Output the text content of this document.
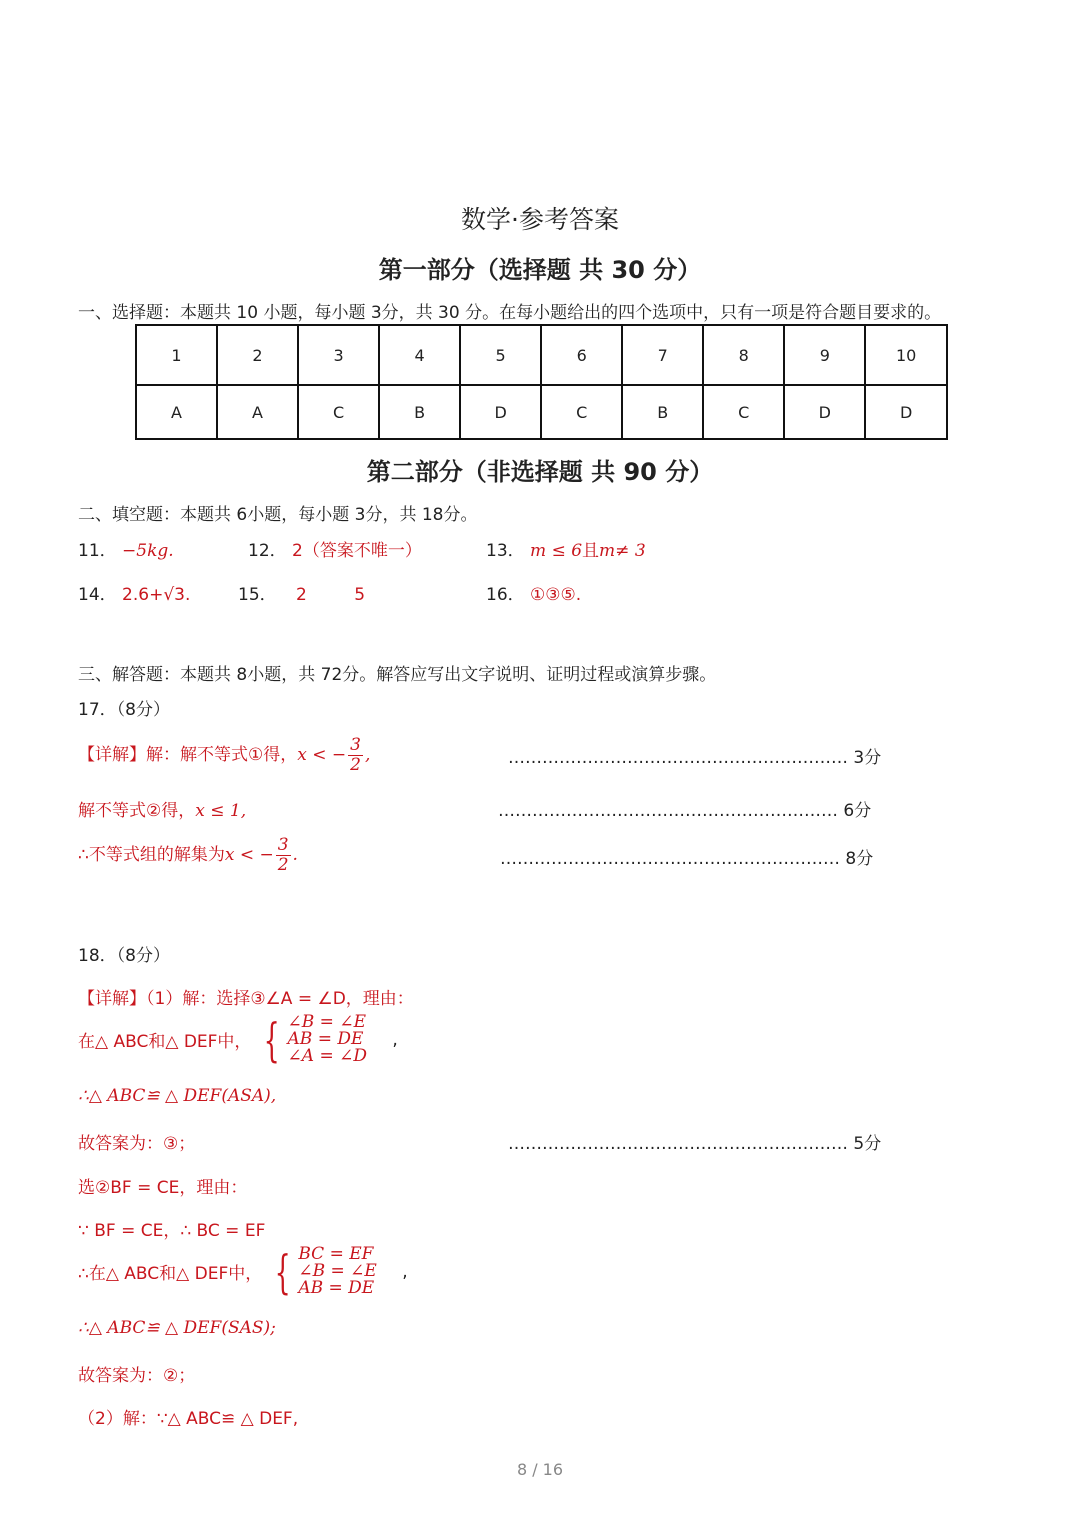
数学·参考答案
第一部分（选择题 共 30 分）
一、选择题：本题共 10 小题，每小题 3分，共 30 分。在每小题给出的四个选项中，只有一项是符合题目要求的。
1	2	3	4	5	6	7	8	9	10
A	A	C	B	D	C	B	C	D	D
第二部分（非选择题 共 90 分）
二、填空题：本题共 6小题，每小题 3分，共 18分。
11． −5kg.	12． 2（答案不唯一）	13． m ≤ 6且m≠ 3
14． 2.6+√3.	15． 2	5	16． ①③⑤.
三、解答题：本题共 8小题，共 72分。解答应写出文字说明、证明过程或演算步骤。
17．（8分）
【详解】解：解不等式①得，x < − $\frac{3}{2}$ ,	…………………………………………………… 3分
解不等式②得，x ≤ 1,	…………………………………………………… 6分
∴不等式组的解集为x < − $\frac{3}{2}$ .	…………………………………………………… 8分
18．（8分）
【详解】（1）解：选择③∠A = ∠D，理由：
在△ ABC和△ DEF中， { ∠B = ∠E
AB = DE
∠A = ∠D
,
∴△ ABC≌ △ DEF(ASA),
故答案为：③；	…………………………………………………… 5分
选②BF = CE，理由：
∵ BF = CE，∴ BC = EF
∴在△ ABC和△ DEF中， { BC = EF
∠B = ∠E
AB = DE
,
∴△ ABC≌ △ DEF(SAS);
故答案为：②；
（2）解：∵△ ABC≌ △ DEF,
8 / 16
